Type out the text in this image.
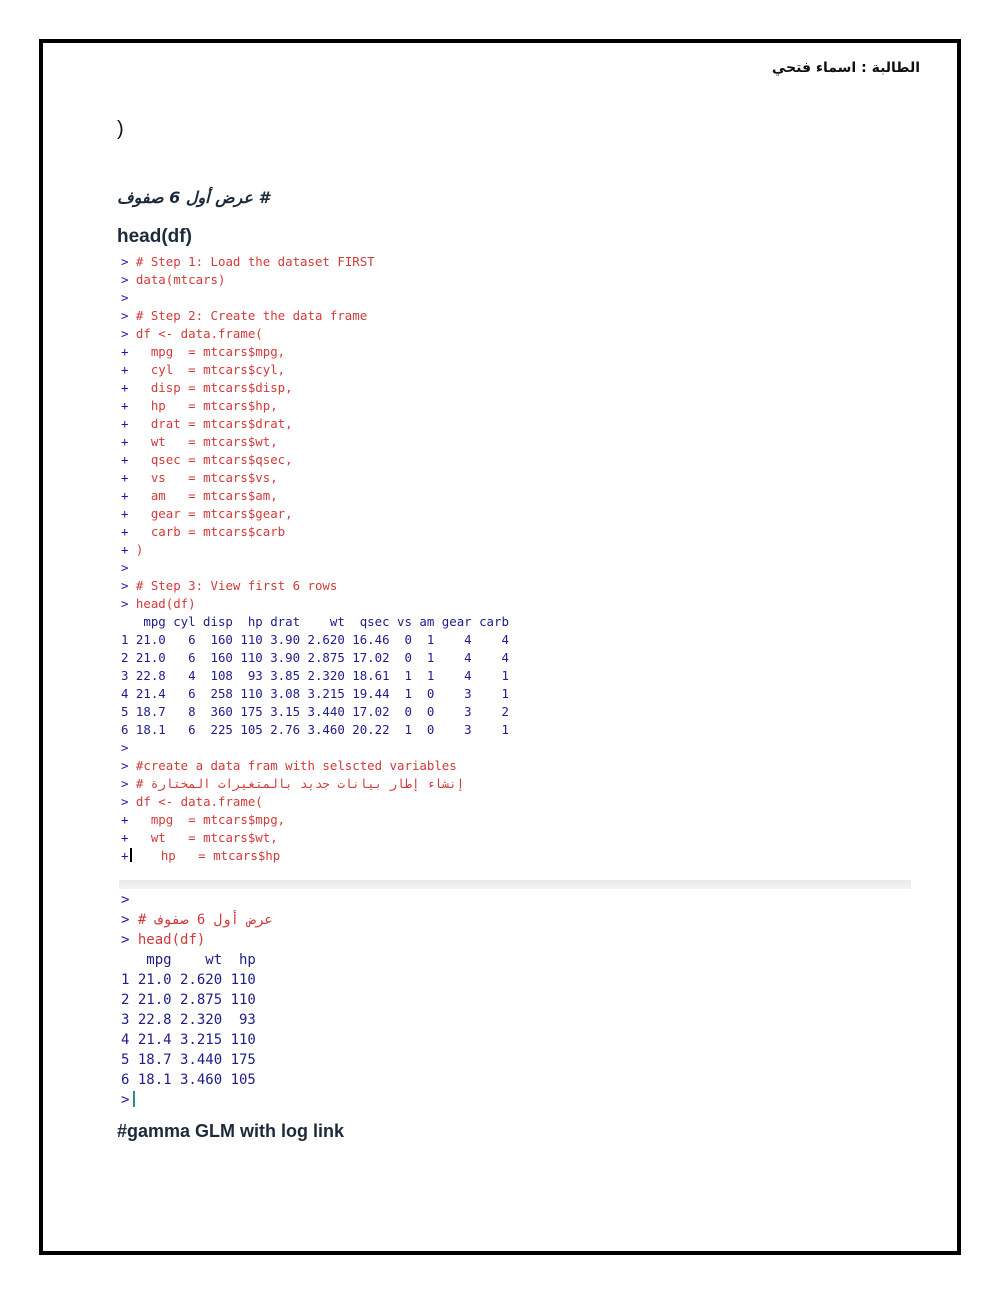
الطالبة : اسماء فتحي
)
# عرض أول 6 صفوف
head(df)
> # Step 1: Load the dataset FIRST
> data(mtcars)
>
> # Step 2: Create the data frame
> df <- data.frame(
+   mpg  = mtcars$mpg,
+   cyl  = mtcars$cyl,
+   disp = mtcars$disp,
+   hp   = mtcars$hp,
+   drat = mtcars$drat,
+   wt   = mtcars$wt,
+   qsec = mtcars$qsec,
+   vs   = mtcars$vs,
+   am   = mtcars$am,
+   gear = mtcars$gear,
+   carb = mtcars$carb
+ )
>
> # Step 3: View first 6 rows
> head(df)
mpg cyl disp  hp drat    wt  qsec vs am gear carb
1 21.0   6  160 110 3.90 2.620 16.46  0  1    4    4
2 21.0   6  160 110 3.90 2.875 17.02  0  1    4    4
3 22.8   4  108  93 3.85 2.320 18.61  1  1    4    1
4 21.4   6  258 110 3.08 3.215 19.44  1  0    3    1
5 18.7   8  360 175 3.15 3.440 17.02  0  0    3    2
6 18.1   6  225 105 2.76 3.460 20.22  1  0    3    1
>
> #create a data fram with selscted variables
> # إنشاء إطار بيانات جديد بالمتغيرات المختارة
> df <- data.frame(
+   mpg  = mtcars$mpg,
+   wt   = mtcars$wt,
+   hp   = mtcars$hp
>
> # عرض أول 6 صفوف
> head(df)
mpg    wt  hp
1 21.0 2.620 110
2 21.0 2.875 110
3 22.8 2.320  93
4 21.4 3.215 110
5 18.7 3.440 175
6 18.1 3.460 105
>
#gamma GLM with log link
